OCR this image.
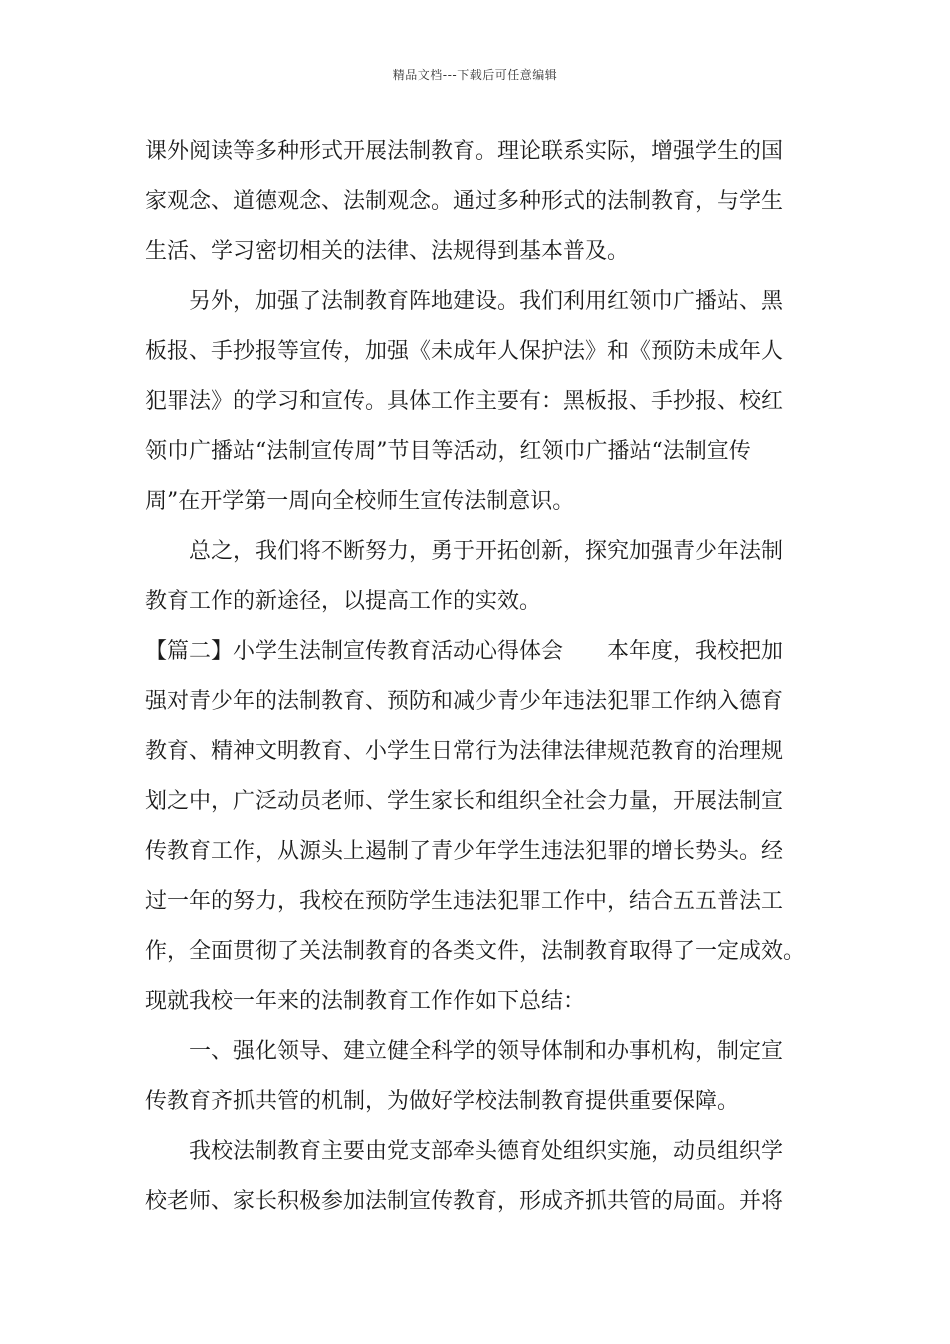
精品文档---下载后可任意编辑
课外阅读等多种形式开展法制教育。理论联系实际，增强学生的国
家观念、道德观念、法制观念。通过多种形式的法制教育，与学生
生活、学习密切相关的法律、法规得到基本普及。
另外，加强了法制教育阵地建设。我们利用红领巾广播站、黑
板报、手抄报等宣传，加强《未成年人保护法》和《预防未成年人
犯罪法》的学习和宣传。具体工作主要有：黑板报、手抄报、校红
领巾广播站“法制宣传周”节目等活动，红领巾广播站“法制宣传
周”在开学第一周向全校师生宣传法制意识。
总之，我们将不断努力，勇于开拓创新，探究加强青少年法制
教育工作的新途径，以提高工作的实效。
【篇二】小学生法制宣传教育活动心得体会 本年度，我校把加
强对青少年的法制教育、预防和减少青少年违法犯罪工作纳入德育
教育、精神文明教育、小学生日常行为法律法律规范教育的治理规
划之中，广泛动员老师、学生家长和组织全社会力量，开展法制宣
传教育工作，从源头上遏制了青少年学生违法犯罪的增长势头。经
过一年的努力，我校在预防学生违法犯罪工作中，结合五五普法工
作，全面贯彻了关法制教育的各类文件，法制教育取得了一定成效。
现就我校一年来的法制教育工作作如下总结：
一、强化领导、建立健全科学的领导体制和办事机构，制定宣
传教育齐抓共管的机制，为做好学校法制教育提供重要保障。
我校法制教育主要由党支部牵头德育处组织实施，动员组织学
校老师、家长积极参加法制宣传教育，形成齐抓共管的局面。并将
